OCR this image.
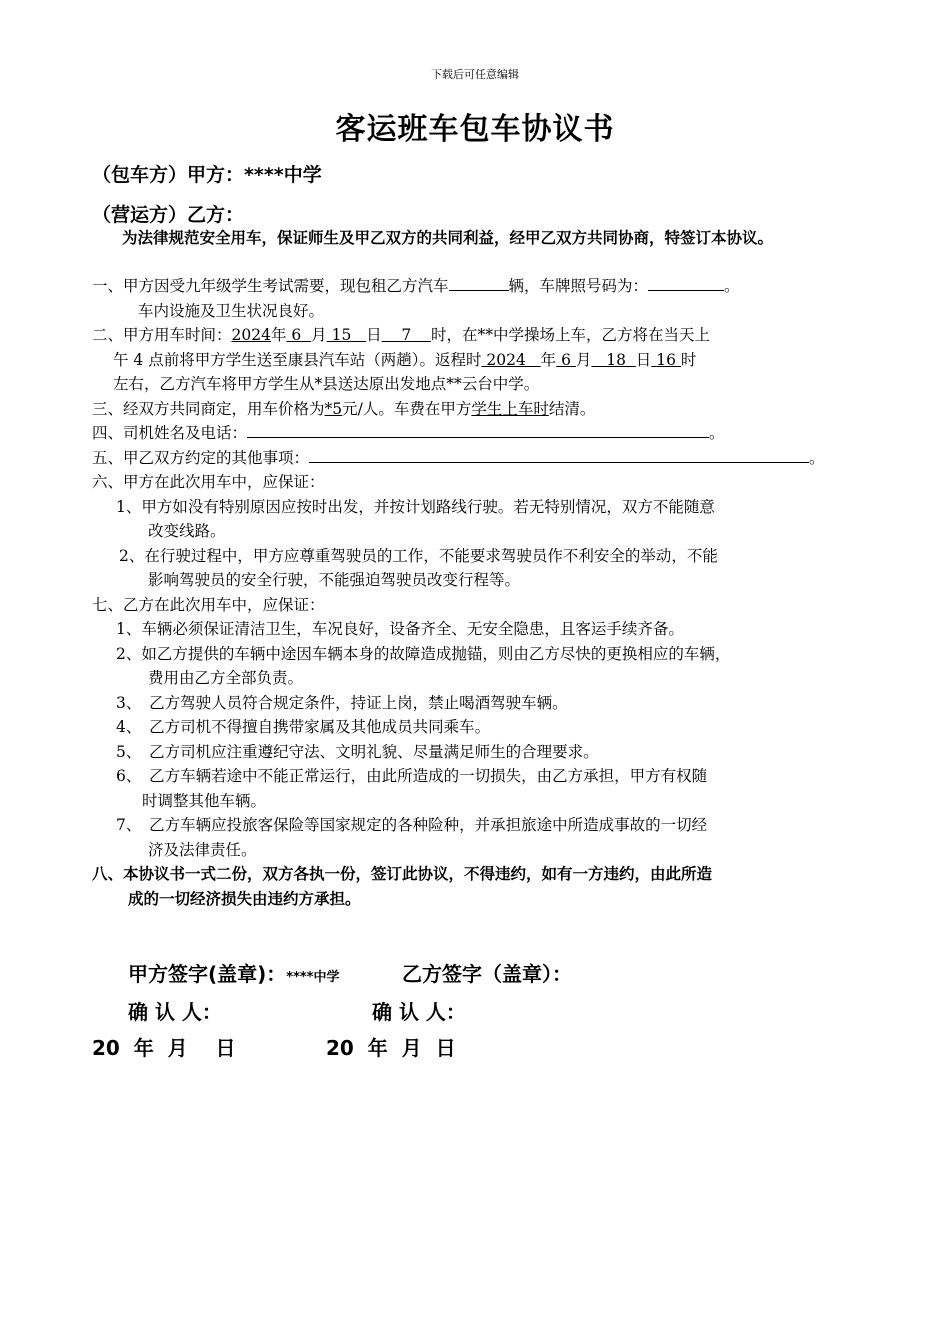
下载后可任意编辑
客运班车包车协议书
（包车方）甲方：****中学
（营运方）乙方：
为法律规范安全用车，保证师生及甲乙双方的共同利益，经甲乙双方共同协商，特签订本协议。
一、甲方因受九年级学生考试需要，现包租乙方汽车	辆，车牌照号码为：	。
车内设施及卫生状况良好。
二、甲方用车时间：2024年 6 月 15 日 7 时，在**中学操场上车，乙方将在当天上
午 4 点前将甲方学生送至康县汽车站（两趟）。返程时 2024 年 6 月 18 日 16 时
左右，乙方汽车将甲方学生从*县送达原出发地点**云台中学。
三、经双方共同商定，用车价格为*5元/人。车费在甲方学生上车时结清。
四、司机姓名及电话：	。
五、甲乙双方约定的其他事项：	。
六、甲方在此次用车中，应保证：
1、甲方如没有特别原因应按时出发，并按计划路线行驶。若无特别情况，双方不能随意
改变线路。
2、在行驶过程中，甲方应尊重驾驶员的工作，不能要求驾驶员作不利安全的举动，不能
影响驾驶员的安全行驶，不能强迫驾驶员改变行程等。
七、乙方在此次用车中，应保证：
1、车辆必须保证清洁卫生，车况良好，设备齐全、无安全隐患，且客运手续齐备。
2、如乙方提供的车辆中途因车辆本身的故障造成抛锚，则由乙方尽快的更换相应的车辆，
费用由乙方全部负责。
3、　乙方驾驶人员符合规定条件，持证上岗，禁止喝酒驾驶车辆。
4、　乙方司机不得擅自携带家属及其他成员共同乘车。
5、　乙方司机应注重遵纪守法、文明礼貌、尽量满足师生的合理要求。
6、　乙方车辆若途中不能正常运行，由此所造成的一切损失，由乙方承担，甲方有权随
时调整其他车辆。
7、　乙方车辆应投旅客保险等国家规定的各种险种，并承担旅途中所造成事故的一切经
济及法律责任。
八、本协议书一式二份，双方各执一份，签订此协议，不得违约，如有一方违约，由此所造
成的一切经济损失由违约方承担。
甲方签字(盖章)：****中学	乙方签字（盖章）：
确 认 人：	确 认 人：
20  年  月    日	20  年  月  日
